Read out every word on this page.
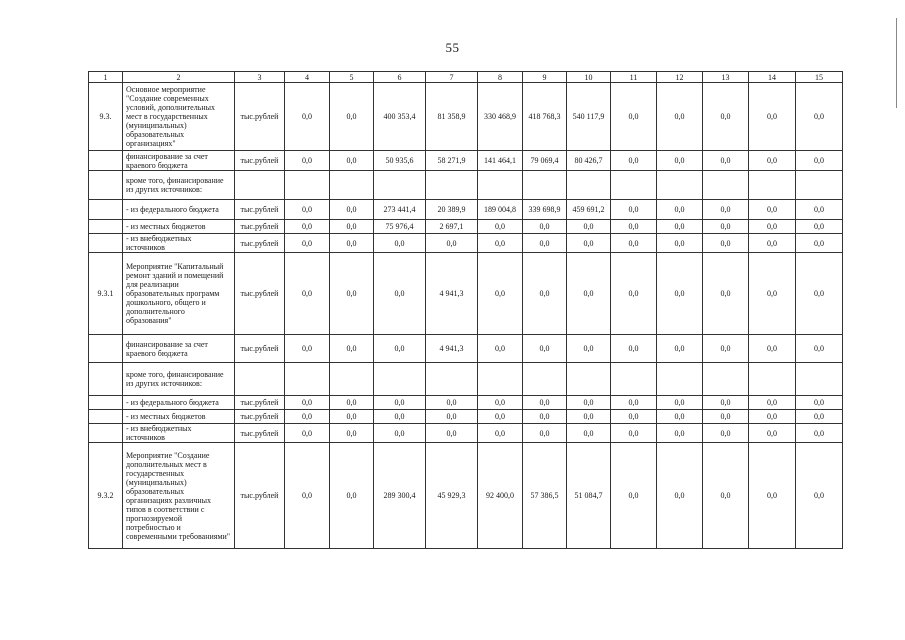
55
1	2	3	4	5	6	7	8	9	10	11	12	13	14	15
9.3.	Основное мероприятие "Создание современных условий, дополнительных мест в государственных (муниципальных) образовательных организациях"	тыс.рублей	0,0	0,0	400 353,4	81 358,9	330 468,9	418 768,3	540 117,9	0,0	0,0	0,0	0,0	0,0
	финансирование за счет краевого бюджета	тыс.рублей	0,0	0,0	50 935,6	58 271,9	141 464,1	79 069,4	80 426,7	0,0	0,0	0,0	0,0	0,0
	кроме того, финансирование из других источников:													
	- из федерального бюджета	тыс.рублей	0,0	0,0	273 441,4	20 389,9	189 004,8	339 698,9	459 691,2	0,0	0,0	0,0	0,0	0,0
	- из местных бюджетов	тыс.рублей	0,0	0,0	75 976,4	2 697,1	0,0	0,0	0,0	0,0	0,0	0,0	0,0	0,0
	- из внебюджетных источников	тыс.рублей	0,0	0,0	0,0	0,0	0,0	0,0	0,0	0,0	0,0	0,0	0,0	0,0
9.3.1	Мероприятие "Капитальный ремонт зданий и помещений для реализации образовательных программ дошкольного, общего и дополнительного образования"	тыс.рублей	0,0	0,0	0,0	4 941,3	0,0	0,0	0,0	0,0	0,0	0,0	0,0	0,0
	финансирование за счет краевого бюджета	тыс.рублей	0,0	0,0	0,0	4 941,3	0,0	0,0	0,0	0,0	0,0	0,0	0,0	0,0
	кроме того, финансирование из других источников:													
	- из федерального бюджета	тыс.рублей	0,0	0,0	0,0	0,0	0,0	0,0	0,0	0,0	0,0	0,0	0,0	0,0
	- из местных бюджетов	тыс.рублей	0,0	0,0	0,0	0,0	0,0	0,0	0,0	0,0	0,0	0,0	0,0	0,0
	- из внебюджетных источников	тыс.рублей	0,0	0,0	0,0	0,0	0,0	0,0	0,0	0,0	0,0	0,0	0,0	0,0
9.3.2	Мероприятие "Создание дополнительных мест в государственных (муниципальных) образовательных организациях различных типов в соответствии с прогнозируемой потребностью и современными требованиями"	тыс.рублей	0,0	0,0	289 300,4	45 929,3	92 400,0	57 386,5	51 084,7	0,0	0,0	0,0	0,0	0,0
